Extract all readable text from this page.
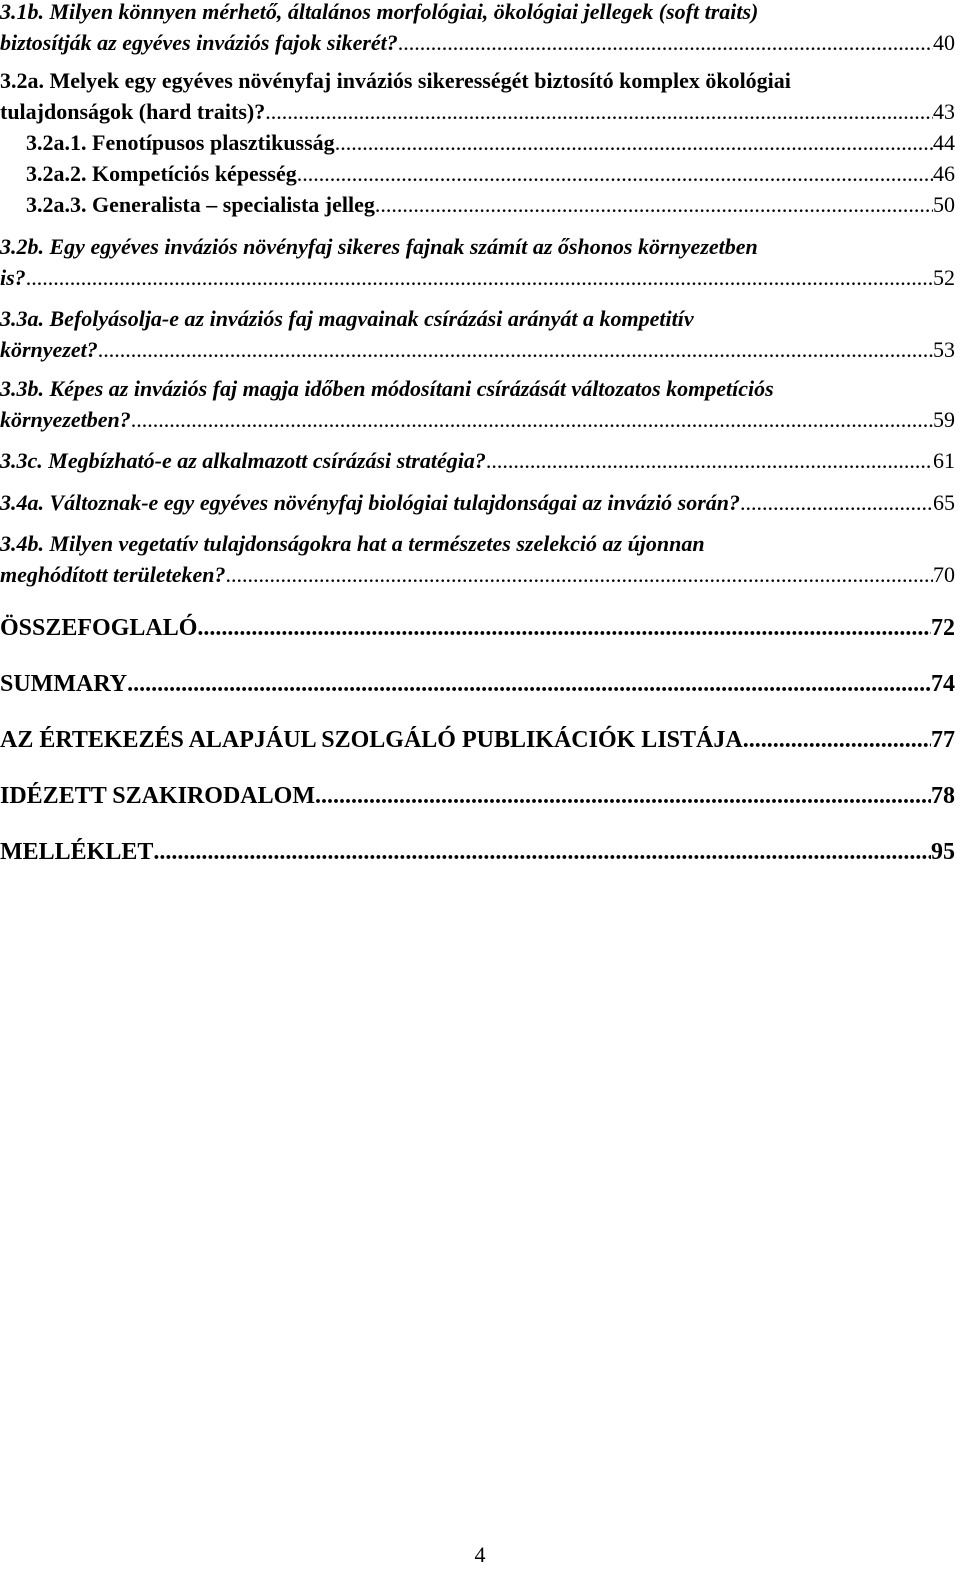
3.1b. Milyen könnyen mérhető, általános morfológiai, ökológiai jellegek (soft traits)
biztosítják az egyéves inváziós fajok sikerét? .....	40
3.2a. Melyek egy egyéves növényfaj inváziós sikerességét biztosító komplex ökológiai
tulajdonságok (hard traits)? .....	43
3.2a.1. Fenotípusos plasztikusság .....	44
3.2a.2. Kompetíciós képesség .....	46
3.2a.3. Generalista – specialista jelleg .....	50
3.2b. Egy egyéves inváziós növényfaj sikeres fajnak számít az őshonos környezetben
is? .....	52
3.3a. Befolyásolja-e az inváziós faj magvainak csírázási arányát a kompetitív
környezet? .....	53
3.3b. Képes az inváziós faj magja időben módosítani csírázását változatos kompetíciós
környezetben? .....	59
3.3c. Megbízható-e az alkalmazott csírázási stratégia? .....	61
3.4a. Változnak-e egy egyéves növényfaj biológiai tulajdonságai az invázió során? .....	65
3.4b. Milyen vegetatív tulajdonságokra hat a természetes szelekció az újonnan
meghódított területeken? .....	70
ÖSSZEFOGLALÓ .....	72
SUMMARY .....	74
AZ ÉRTEKEZÉS ALAPJÁUL SZOLGÁLÓ PUBLIKÁCIÓK LISTÁJA .....	77
IDÉZETT SZAKIRODALOM .....	78
MELLÉKLET .....	95
4
